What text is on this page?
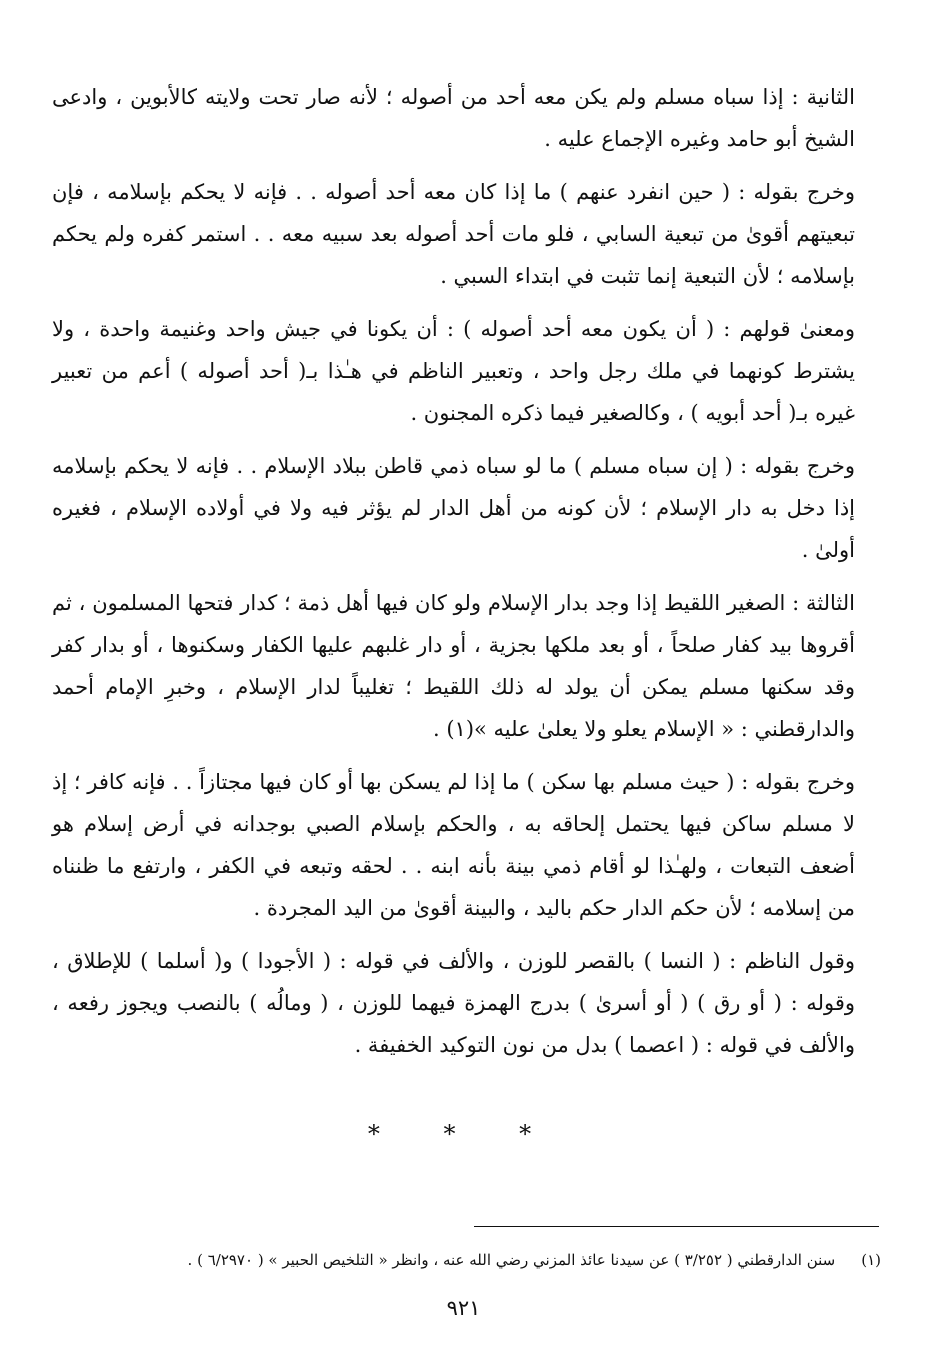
الثانية : إذا سباه مسلم ولم يكن معه أحد من أصوله ؛ لأنه صار تحت ولايته كالأبوين ، وادعى الشيخ أبو حامد وغيره الإجماع عليه .

وخرج بقوله : ( حين انفرد عنهم ) ما إذا كان معه أحد أصوله . . فإنه لا يحكم بإسلامه ، فإن تبعيتهم أقوىٰ من تبعية السابي ، فلو مات أحد أصوله بعد سبيه معه . . استمر كفره ولم يحكم بإسلامه ؛ لأن التبعية إنما تثبت في ابتداء السبي .

ومعنىٰ قولهم : ( أن يكون معه أحد أصوله ) : أن يكونا في جيش واحد وغنيمة واحدة ، ولا يشترط كونهما في ملك رجل واحد ، وتعبير الناظم في هـٰذا بـ( أحد أصوله ) أعم من تعبير غيره بـ( أحد أبويه ) ، وكالصغير فيما ذكره المجنون .

وخرج بقوله : ( إن سباه مسلم ) ما لو سباه ذمي قاطن ببلاد الإسلام . . فإنه لا يحكم بإسلامه إذا دخل به دار الإسلام ؛ لأن كونه من أهل الدار لم يؤثر فيه ولا في أولاده الإسلام ، فغيره أولىٰ .

الثالثة : الصغير اللقيط إذا وجد بدار الإسلام ولو كان فيها أهل ذمة ؛ كدار فتحها المسلمون ، ثم أقروها بيد كفار صلحاً ، أو بعد ملكها بجزية ، أو دار غلبهم عليها الكفار وسكنوها ، أو بدار كفر وقد سكنها مسلم يمكن أن يولد له ذلك اللقيط ؛ تغليباً لدار الإسلام ، وخبرِ الإمام أحمد والدارقطني : « الإسلام يعلو ولا يعلىٰ عليه »(١) .

وخرج بقوله : ( حيث مسلم بها سكن ) ما إذا لم يسكن بها أو كان فيها مجتازاً . . فإنه كافر ؛ إذ لا مسلم ساكن فيها يحتمل إلحاقه به ، والحكم بإسلام الصبي بوجدانه في أرض إسلام هو أضعف التبعات ، ولهـٰذا لو أقام ذمي بينة بأنه ابنه . . لحقه وتبعه في الكفر ، وارتفع ما ظنناه من إسلامه ؛ لأن حكم الدار حكم باليد ، والبينة أقوىٰ من اليد المجردة .

وقول الناظم : ( النسا ) بالقصر للوزن ، والألف في قوله : ( الأجودا ) و( أسلما ) للإطلاق ، وقوله : ( أو رق ) ( أو أسرىٰ ) بدرج الهمزة فيهما للوزن ، ( ومالُه ) بالنصب ويجوز رفعه ، والألف في قوله : ( اعصما ) بدل من نون التوكيد الخفيفة .

* * *
(١)سنن الدارقطني ( ٣/٢٥٢ ) عن سيدنا عائذ المزني رضي الله عنه ، وانظر « التلخيص الحبير » ( ٦/٢٩٧٠ ) .
٩٢١
